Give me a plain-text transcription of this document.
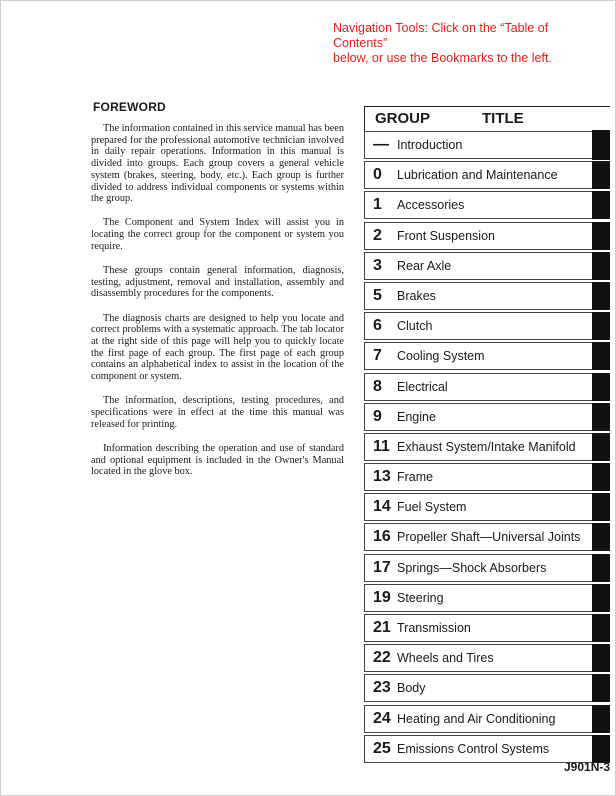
Navigation Tools: Click on the “Table of Contents”
below, or use the Bookmarks to the left.
FOREWORD

The information contained in this service manual has been prepared for the professional automotive technician involved in daily repair operations. Information in this manual is divided into groups. Each group covers a general vehicle system (brakes, steering, body, etc.). Each group is further divided to address individual components or systems within the group.

The Component and System Index will assist you in locating the correct group for the component or system you require.

These groups contain general information, diagnosis, testing, adjustment, removal and installation, assembly and disassembly procedures for the components.

The diagnosis charts are designed to help you locate and correct problems with a systematic approach. The tab locator at the right side of this page will help you to quickly locate the first page of each group. The first page of each group contains an alphabetical index to assist in the location of the component or system.

The information, descriptions, testing procedures, and specifications were in effect at the time this manual was released for printing.

Information describing the operation and use of standard and optional equipment is included in the Owner's Manual located in the glove box.

GROUP	TITLE
— Introduction
0	Lubrication and Maintenance
1	Accessories
2	Front Suspension
3	Rear Axle
5	Brakes
6	Clutch
7	Cooling System
8	Electrical
9	Engine
11 Exhaust System/Intake Manifold
13 Frame
14 Fuel System
16 Propeller Shaft—Universal Joints
17 Springs—Shock Absorbers
19 Steering
21 Transmission
22 Wheels and Tires
23 Body
24 Heating and Air Conditioning
25 Emissions Control Systems
J901N-3
